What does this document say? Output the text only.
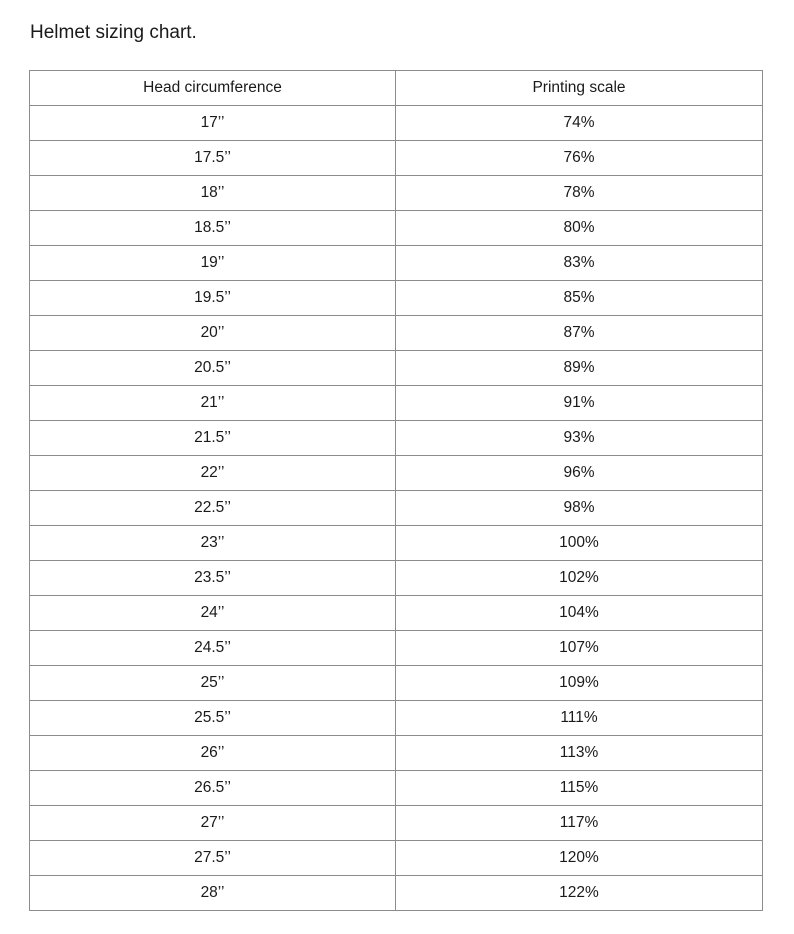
Helmet sizing chart.
Head circumference	Printing scale
17’’	74%
17.5’’	76%
18’’	78%
18.5’’	80%
19’’	83%
19.5’’	85%
20’’	87%
20.5’’	89%
21’’	91%
21.5’’	93%
22’’	96%
22.5’’	98%
23’’	100%
23.5’’	102%
24’’	104%
24.5’’	107%
25’’	109%
25.5’’	111%
26’’	113%
26.5’’	115%
27’’	117%
27.5’’	120%
28’’	122%
